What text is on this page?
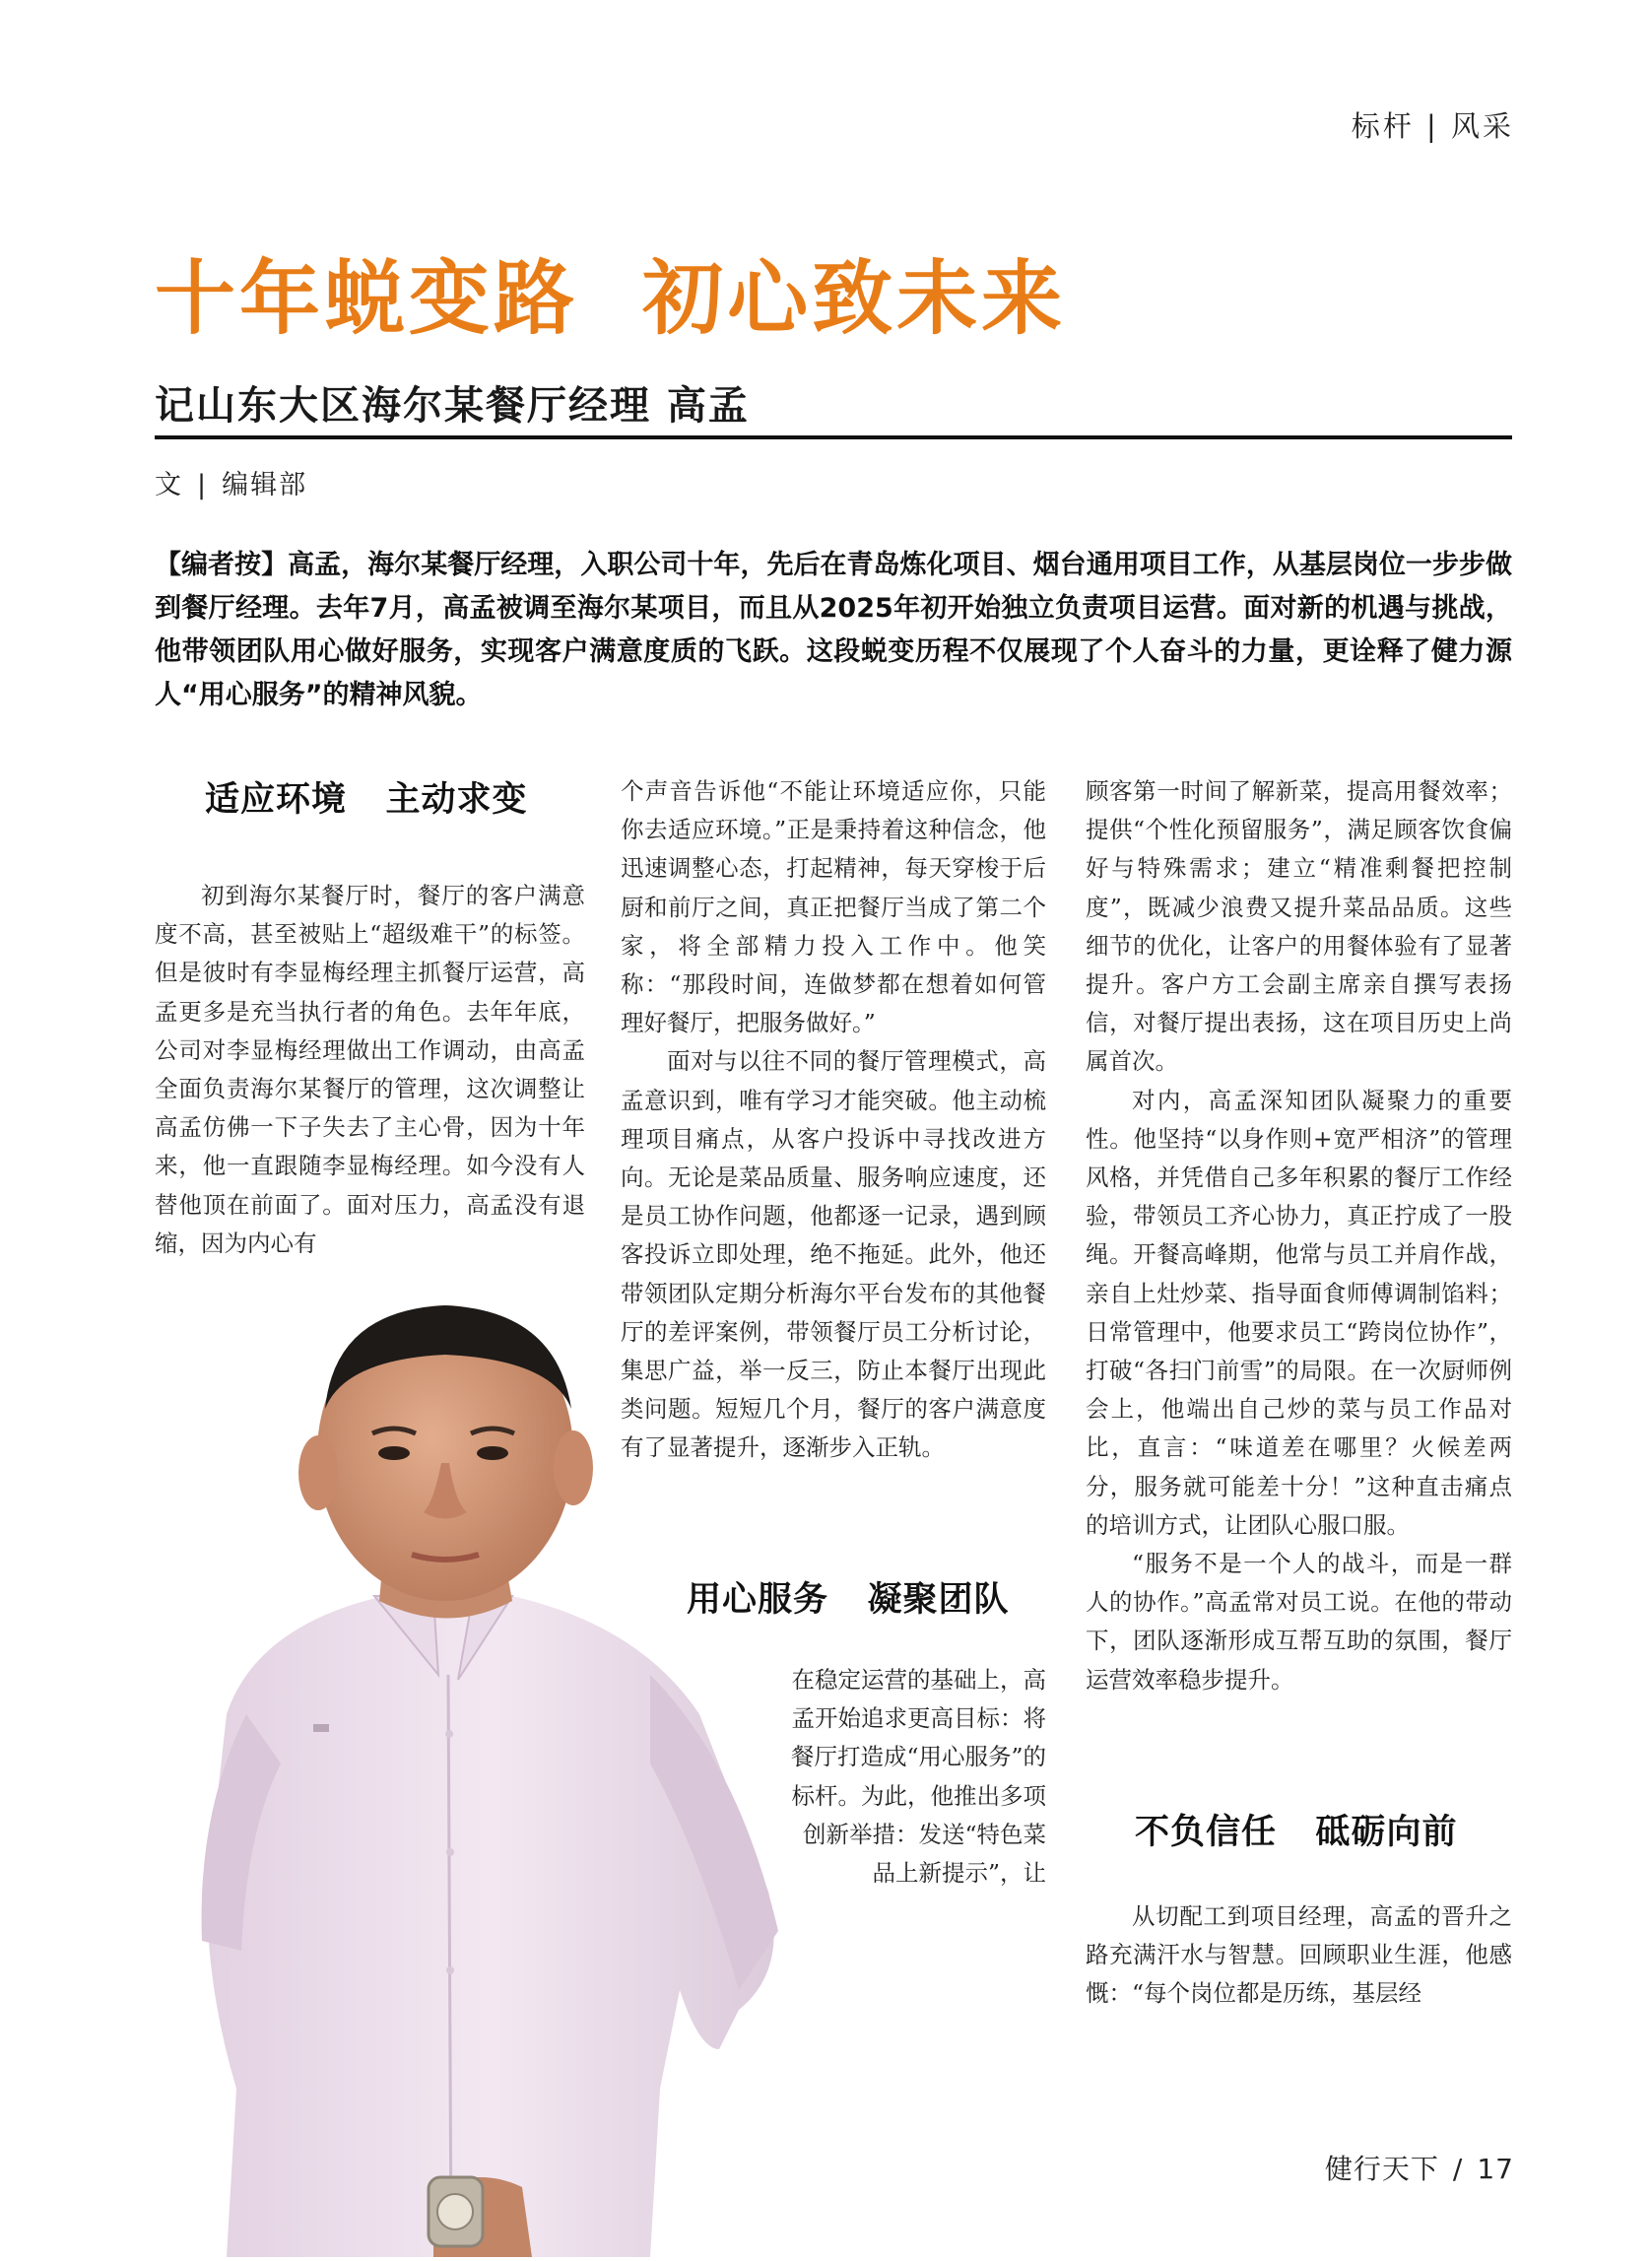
标杆 | 风采
十年蜕变路  初心致未来
记山东大区海尔某餐厅经理 高孟
文 | 编辑部

【编者按】高孟，海尔某餐厅经理，入职公司十年，先后在青岛炼化项目、烟台通用项目工作，从基层岗位一步步做到餐厅经理。去年7月，高孟被调至海尔某项目，而且从2025年初开始独立负责项目运营。面对新的机遇与挑战，他带领团队用心做好服务，实现客户满意度质的飞跃。这段蜕变历程不仅展现了个人奋斗的力量，更诠释了健力源人“用心服务”的精神风貌。

适应环境   主动求变

初到海尔某餐厅时，餐厅的客户满意度不高，甚至被贴上“超级难干”的标签。但是彼时有李显梅经理主抓餐厅运营，高孟更多是充当执行者的角色。去年年底，公司对李显梅经理做出工作调动，由高孟全面负责海尔某餐厅的管理，这次调整让高孟仿佛一下子失去了主心骨，因为十年来，他一直跟随李显梅经理。如今没有人替他顶在前面了。面对压力，高孟没有退缩，因为内心有

个声音告诉他“不能让环境适应你，只能你去适应环境。”正是秉持着这种信念，他迅速调整心态，打起精神，每天穿梭于后厨和前厅之间，真正把餐厅当成了第二个家，将全部精力投入工作中。他笑称：“那段时间，连做梦都在想着如何管理好餐厅，把服务做好。”

面对与以往不同的餐厅管理模式，高孟意识到，唯有学习才能突破。他主动梳理项目痛点，从客户投诉中寻找改进方向。无论是菜品质量、服务响应速度，还是员工协作问题，他都逐一记录，遇到顾客投诉立即处理，绝不拖延。此外，他还带领团队定期分析海尔平台发布的其他餐厅的差评案例，带领餐厅员工分析讨论，集思广益，举一反三，防止本餐厅出现此类问题。短短几个月，餐厅的客户满意度有了显著提升，逐渐步入正轨。

用心服务   凝聚团队

在稳定运营的基础上，高孟开始追求更高目标：将餐厅打造成“用心服务”的标杆。为此，他推出多项创新举措：发送“特色菜品上新提示”，让

顾客第一时间了解新菜，提高用餐效率；提供“个性化预留服务”，满足顾客饮食偏好与特殊需求；建立“精准剩餐把控制度”，既减少浪费又提升菜品品质。这些细节的优化，让客户的用餐体验有了显著提升。客户方工会副主席亲自撰写表扬信，对餐厅提出表扬，这在项目历史上尚属首次。

对内，高孟深知团队凝聚力的重要性。他坚持“以身作则+宽严相济”的管理风格，并凭借自己多年积累的餐厅工作经验，带领员工齐心协力，真正拧成了一股绳。开餐高峰期，他常与员工并肩作战，亲自上灶炒菜、指导面食师傅调制馅料；日常管理中，他要求员工“跨岗位协作”，打破“各扫门前雪”的局限。在一次厨师例会上，他端出自己炒的菜与员工作品对比，直言：“味道差在哪里？火候差两分，服务就可能差十分！”这种直击痛点的培训方式，让团队心服口服。

“服务不是一个人的战斗，而是一群人的协作。”高孟常对员工说。在他的带动下，团队逐渐形成互帮互助的氛围，餐厅运营效率稳步提升。

不负信任   砥砺向前

从切配工到项目经理，高孟的晋升之路充满汗水与智慧。回顾职业生涯，他感慨：“每个岗位都是历练，基层经

健行天下 / 17
